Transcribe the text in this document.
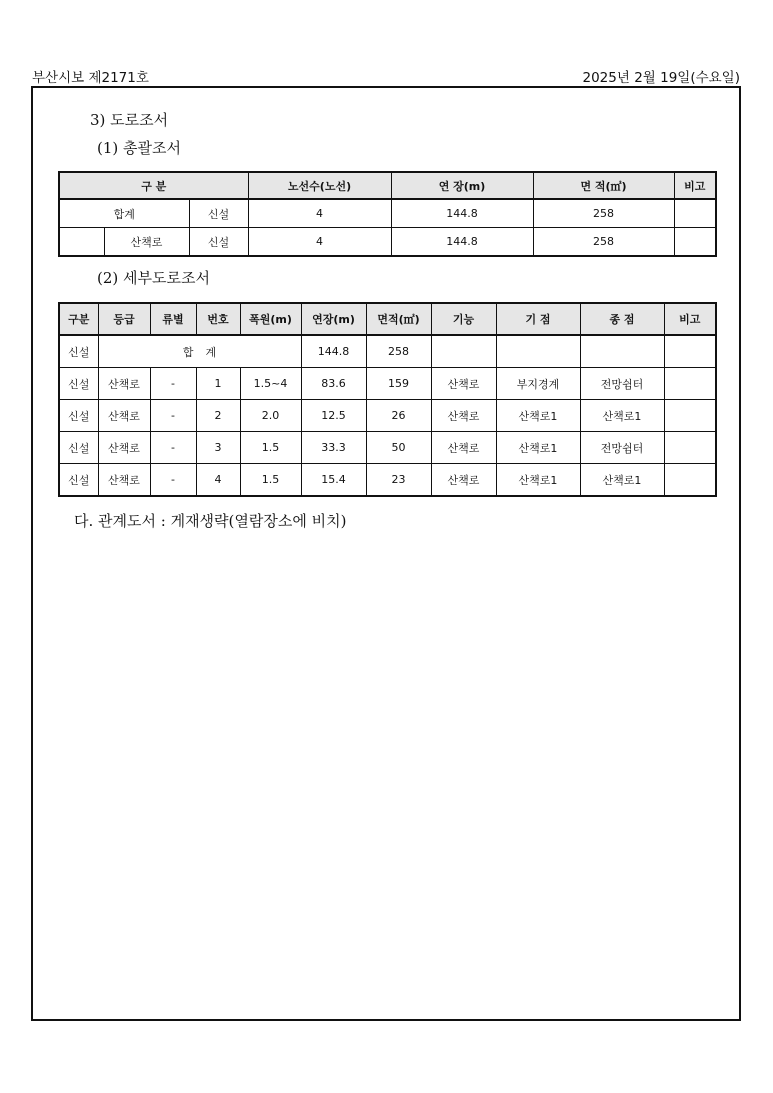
부산시보 제2171호	2025년 2월 19일(수요일)
3) 도로조서
(1) 총괄조서
구 분			노선수(노선)	연 장(m)	면 적(㎡)	비고
합계		신설	4	144.8	258	
	산책로	신설	4	144.8	258	
(2) 세부도로조서
구분	등급	류별	번호	폭원(m)	연장(m)	면적(㎡)	기능	기 점	종 점	비고
신설	합계				144.8	258				
신설	산책로	-	1	1.5~4	83.6	159	산책로	부지경계	전망쉼터	
신설	산책로	-	2	2.0	12.5	26	산책로	산책로1	산책로1	
신설	산책로	-	3	1.5	33.3	50	산책로	산책로1	전망쉼터	
신설	산책로	-	4	1.5	15.4	23	산책로	산책로1	산책로1	
다. 관계도서 : 게재생략(열람장소에 비치)
